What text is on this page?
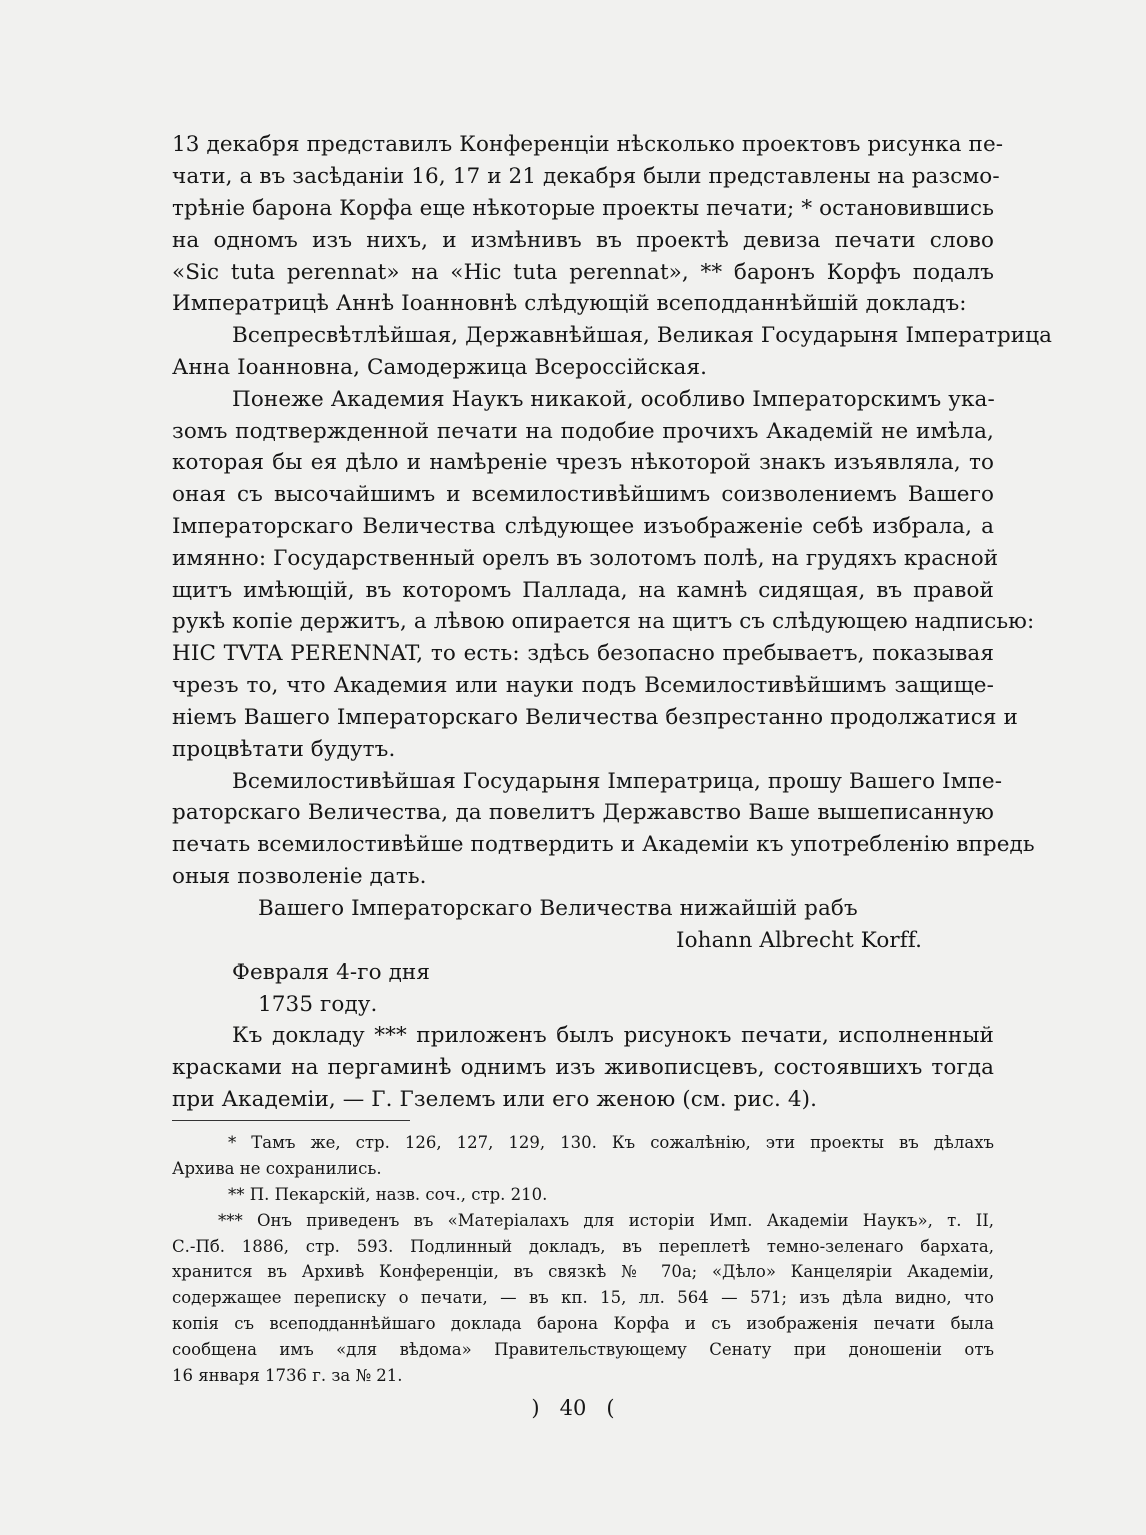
13 декабря представилъ Конференціи нѣсколько проектовъ рисунка пе-
чати, а въ засѣданіи 16, 17 и 21 декабря были представлены на разсмо-
трѣніе барона Корфа еще нѣкоторые проекты печати; * остановившись
на одномъ изъ нихъ, и измѣнивъ въ проектѣ девиза печати слово
«Sic tuta perennat» на «Hic tuta perennat», ** баронъ Корфъ подалъ
Императрицѣ Аннѣ Іоанновнѣ слѣдующій всеподданнѣйшій докладъ:
Всепресвѣтлѣйшая, Державнѣйшая, Великая Государыня Імператрица
Анна Іоанновна, Самодержица Всероссійская.
Понеже Академия Наукъ никакой, особливо Імператорскимъ ука-
зомъ подтвержденной печати на подобие прочихъ Академій не имѣла,
которая бы ея дѣло и намѣреніе чрезъ нѣкоторой знакъ изъявляла, то
оная съ высочайшимъ и всемилостивѣйшимъ соизволениемъ Вашего
Імператорскаго Величества слѣдующее изъображеніе себѣ избрала, а
имянно: Государственный орелъ въ золотомъ полѣ, на грудяхъ красной
щитъ имѣющій, въ которомъ Паллада, на камнѣ сидящая, въ правой
рукѣ копіе держитъ, а лѣвою опирается на щитъ съ слѣдующею надписью:
HIC TVTA PERENNAT, то есть: здѣсь безопасно пребываетъ, показывая
чрезъ то, что Академия или науки подъ Всемилостивѣйшимъ защище-
ніемъ Вашего Імператорскаго Величества безпрестанно продолжатися и
процвѣтати будутъ.
Всемилостивѣйшая Государыня Імператрица, прошу Вашего Імпе-
раторскаго Величества, да повелитъ Державство Ваше вышеписанную
печать всемилостивѣйше подтвердить и Академіи къ употребленію впредь
оныя позволеніе дать.
Вашего Імператорскаго Величества нижайшій рабъ
Iohann Albrecht Korff.
Февраля 4-го дня
1735 году.
Къ докладу *** приложенъ былъ рисунокъ печати, исполненный
красками на пергаминѣ однимъ изъ живописцевъ, состоявшихъ тогда
при Академіи, — Г. Гзелемъ или его женою (см. рис. 4).
* Тамъ же, стр. 126, 127, 129, 130. Къ сожалѣнію, эти проекты въ дѣлахъ
Архива не сохранились.
** П. Пекарскій, назв. соч., стр. 210.
*** Онъ приведенъ въ «Матеріалахъ для исторіи Имп. Академіи Наукъ», т. II,
С.-Пб. 1886, стр. 593. Подлинный докладъ, въ переплетѣ темно-зеленаго бархата,
хранится въ Архивѣ Конференціи, въ связкѣ № 70а; «Дѣло» Канцеляріи Академіи,
содержащее переписку о печати, — въ кп. 15, лл. 564 — 571; изъ дѣла видно, что
копія съ всеподданнѣйшаго доклада барона Корфа и съ изображенія печати была
сообщена имъ «для вѣдома» Правительствующему Сенату при доношеніи отъ
16 января 1736 г. за № 21.
) 40 (
